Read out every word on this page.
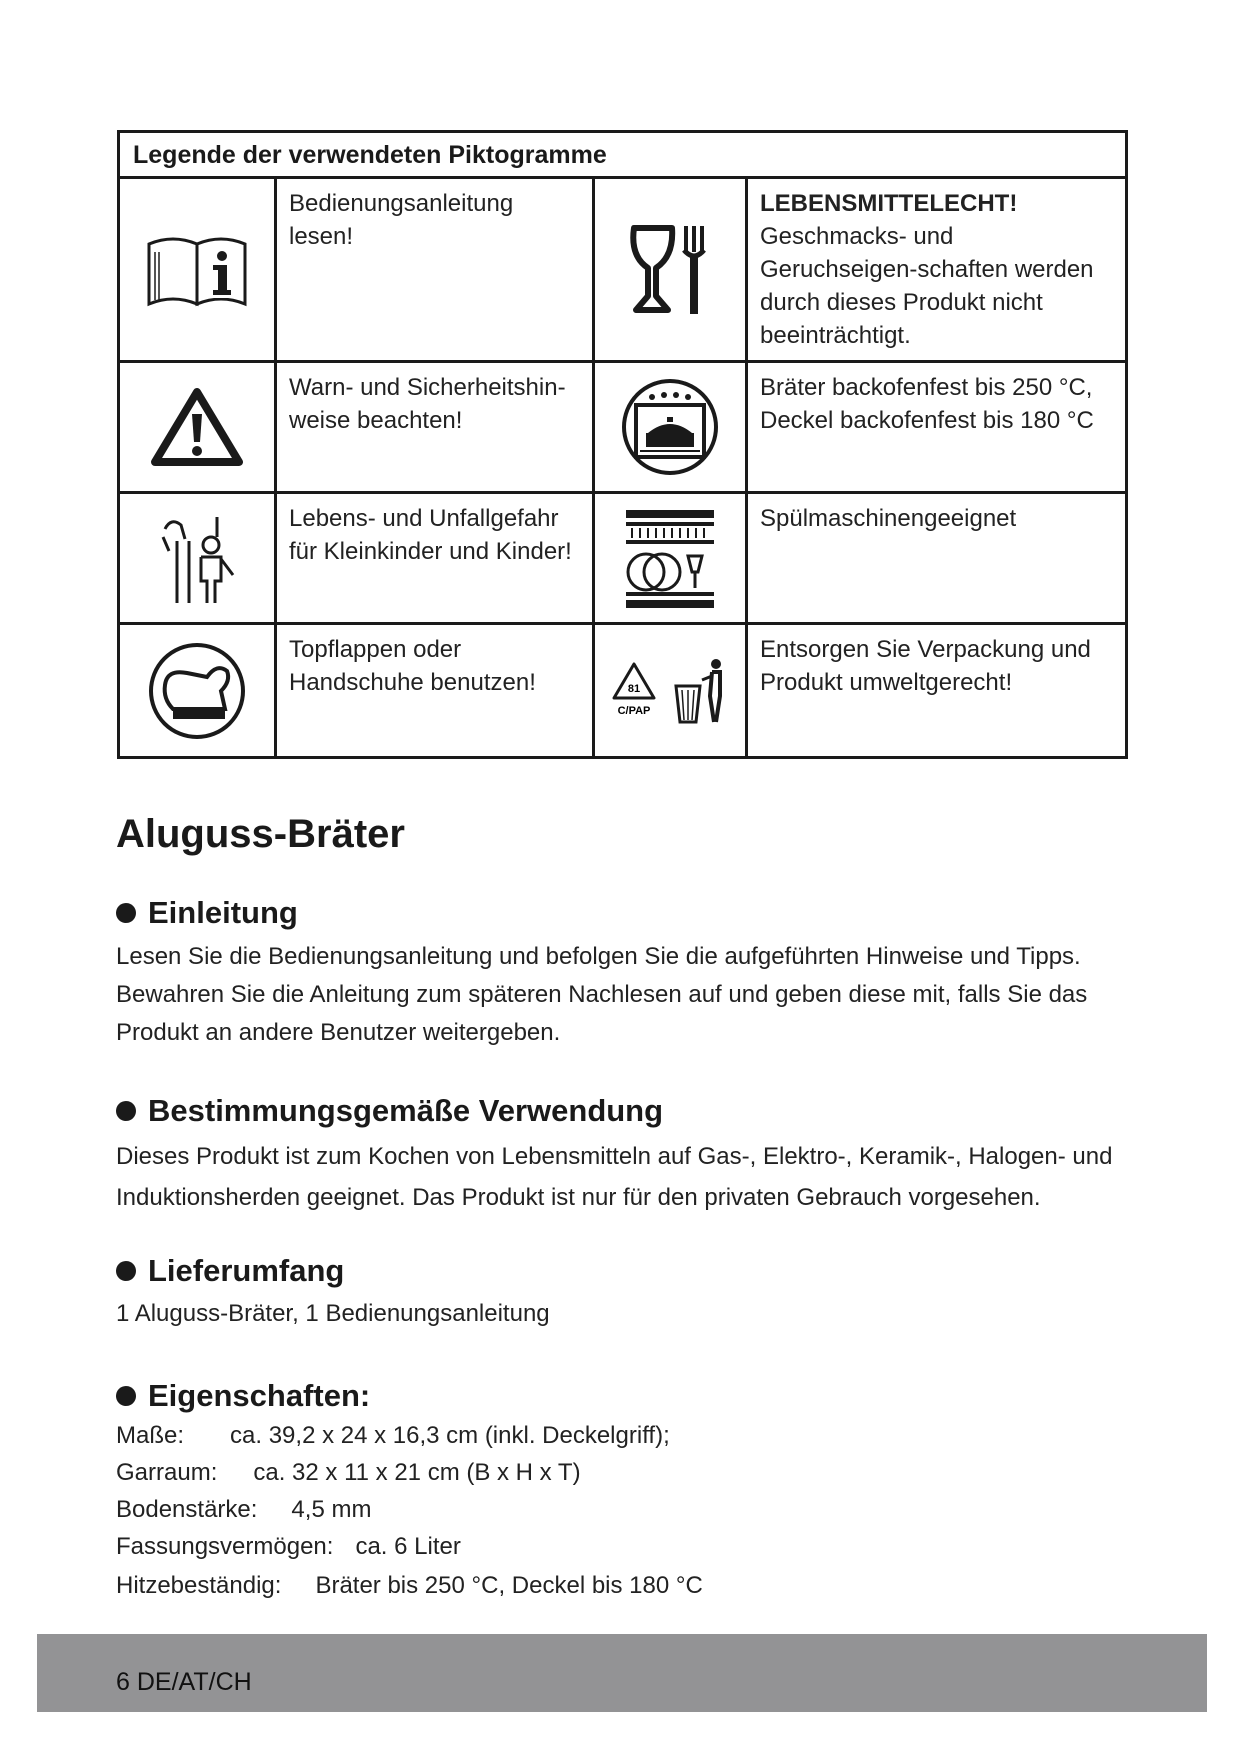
Legende der verwendeten Piktogramme
Bedienungsanleitung lesen!
LEBENSMITTELECHT!
Geschmacks- und Geruchseigen-schaften werden durch dieses Produkt nicht beeinträchtigt.
Warn- und Sicherheitshin-weise beachten!
Bräter backofenfest bis 250 °C, Deckel backofenfest bis 180 °C
Lebens- und Unfallgefahr für Kleinkinder und Kinder!
Spülmaschinengeeignet
Topflappen oder Handschuhe benutzen!	81
C/PAP
Entsorgen Sie Verpackung und Produkt umweltgerecht!
Aluguss-Bräter
Einleitung

Lesen Sie die Bedienungsanleitung und befolgen Sie die aufgeführten Hinweise und Tipps. Bewahren Sie die Anleitung zum späteren Nachlesen auf und geben diese mit, falls Sie das Produkt an andere Benutzer weitergeben.

Bestimmungsgemäße Verwendung

Dieses Produkt ist zum Kochen von Lebensmitteln auf Gas-, Elektro-, Keramik-, Halogen- und Induktionsherden geeignet. Das Produkt ist nur für den privaten Gebrauch vorgesehen.

Lieferumfang

1 Aluguss-Bräter, 1 Bedienungsanleitung

Eigenschaften:
Maße: ca. 39,2 x 24 x 16,3 cm (inkl. Deckelgriff);
Garraum: ca. 32 x 11 x 21 cm (B x H x T)
Bodenstärke: 4,5 mm
Fassungsvermögen: ca. 6 Liter
Hitzebeständig: Bräter bis 250 °C, Deckel bis 180 °C
6 DE/AT/CH
